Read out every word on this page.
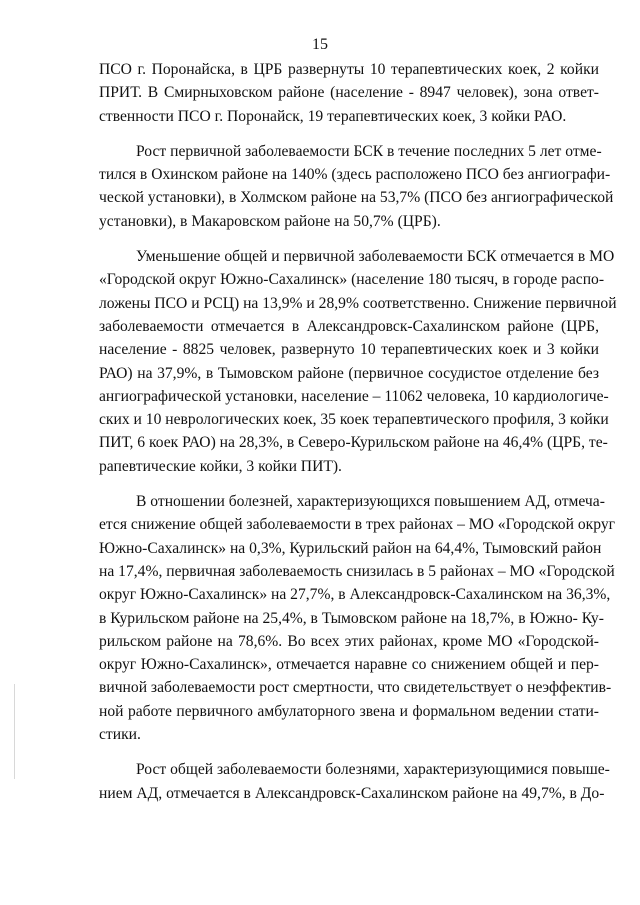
15
ПСО г. Поронайска, в ЦРБ развернуты 10 терапевтических коек, 2 койки
ПРИТ. В Смирныховском районе (население - 8947 человек), зона ответ-
ственности ПСО г. Поронайск, 19 терапевтических коек, 3 койки РАО.
Рост первичной заболеваемости БСК в течение последних 5 лет отме-
тился в Охинском районе на 140% (здесь расположено ПСО без ангиографи-
ческой установки), в Холмском районе на 53,7% (ПСО без ангиографической
установки), в Макаровском районе на 50,7% (ЦРБ).
Уменьшение общей и первичной заболеваемости БСК отмечается в МО
«Городской округ Южно-Сахалинск» (население 180 тысяч, в городе распо-
ложены ПСО и РСЦ) на 13,9% и 28,9% соответственно. Снижение первичной
заболеваемости отмечается в Александровск-Сахалинском районе (ЦРБ,
население - 8825 человек, развернуто 10 терапевтических коек и 3 койки
РАО) на 37,9%, в Тымовском районе (первичное сосудистое отделение без
ангиографической установки, население – 11062 человека, 10 кардиологиче-
ских и 10 неврологических коек, 35 коек терапевтического профиля, 3 койки
ПИТ, 6 коек РАО) на 28,3%, в Северо-Курильском районе на 46,4% (ЦРБ, те-
рапевтические койки, 3 койки ПИТ).
В отношении болезней, характеризующихся повышением АД, отмеча-
ется снижение общей заболеваемости в трех районах – МО «Городской округ
Южно-Сахалинск» на 0,3%, Курильский район на 64,4%, Тымовский район
на 17,4%, первичная заболеваемость снизилась в 5 районах – МО «Городской
округ Южно-Сахалинск» на 27,7%, в Александровск-Сахалинском на 36,3%,
в Курильском районе на 25,4%, в Тымовском районе на 18,7%, в Южно- Ку-
рильском районе на 78,6%. Во всех этих районах, кроме МО «Городской-
округ Южно-Сахалинск», отмечается наравне со снижением общей и пер-
вичной заболеваемости рост смертности, что свидетельствует о неэффектив-
ной работе первичного амбулаторного звена и формальном ведении стати-
стики.
Рост общей заболеваемости болезнями, характеризующимися повыше-
нием АД, отмечается в Александровск-Сахалинском районе на 49,7%, в До-
